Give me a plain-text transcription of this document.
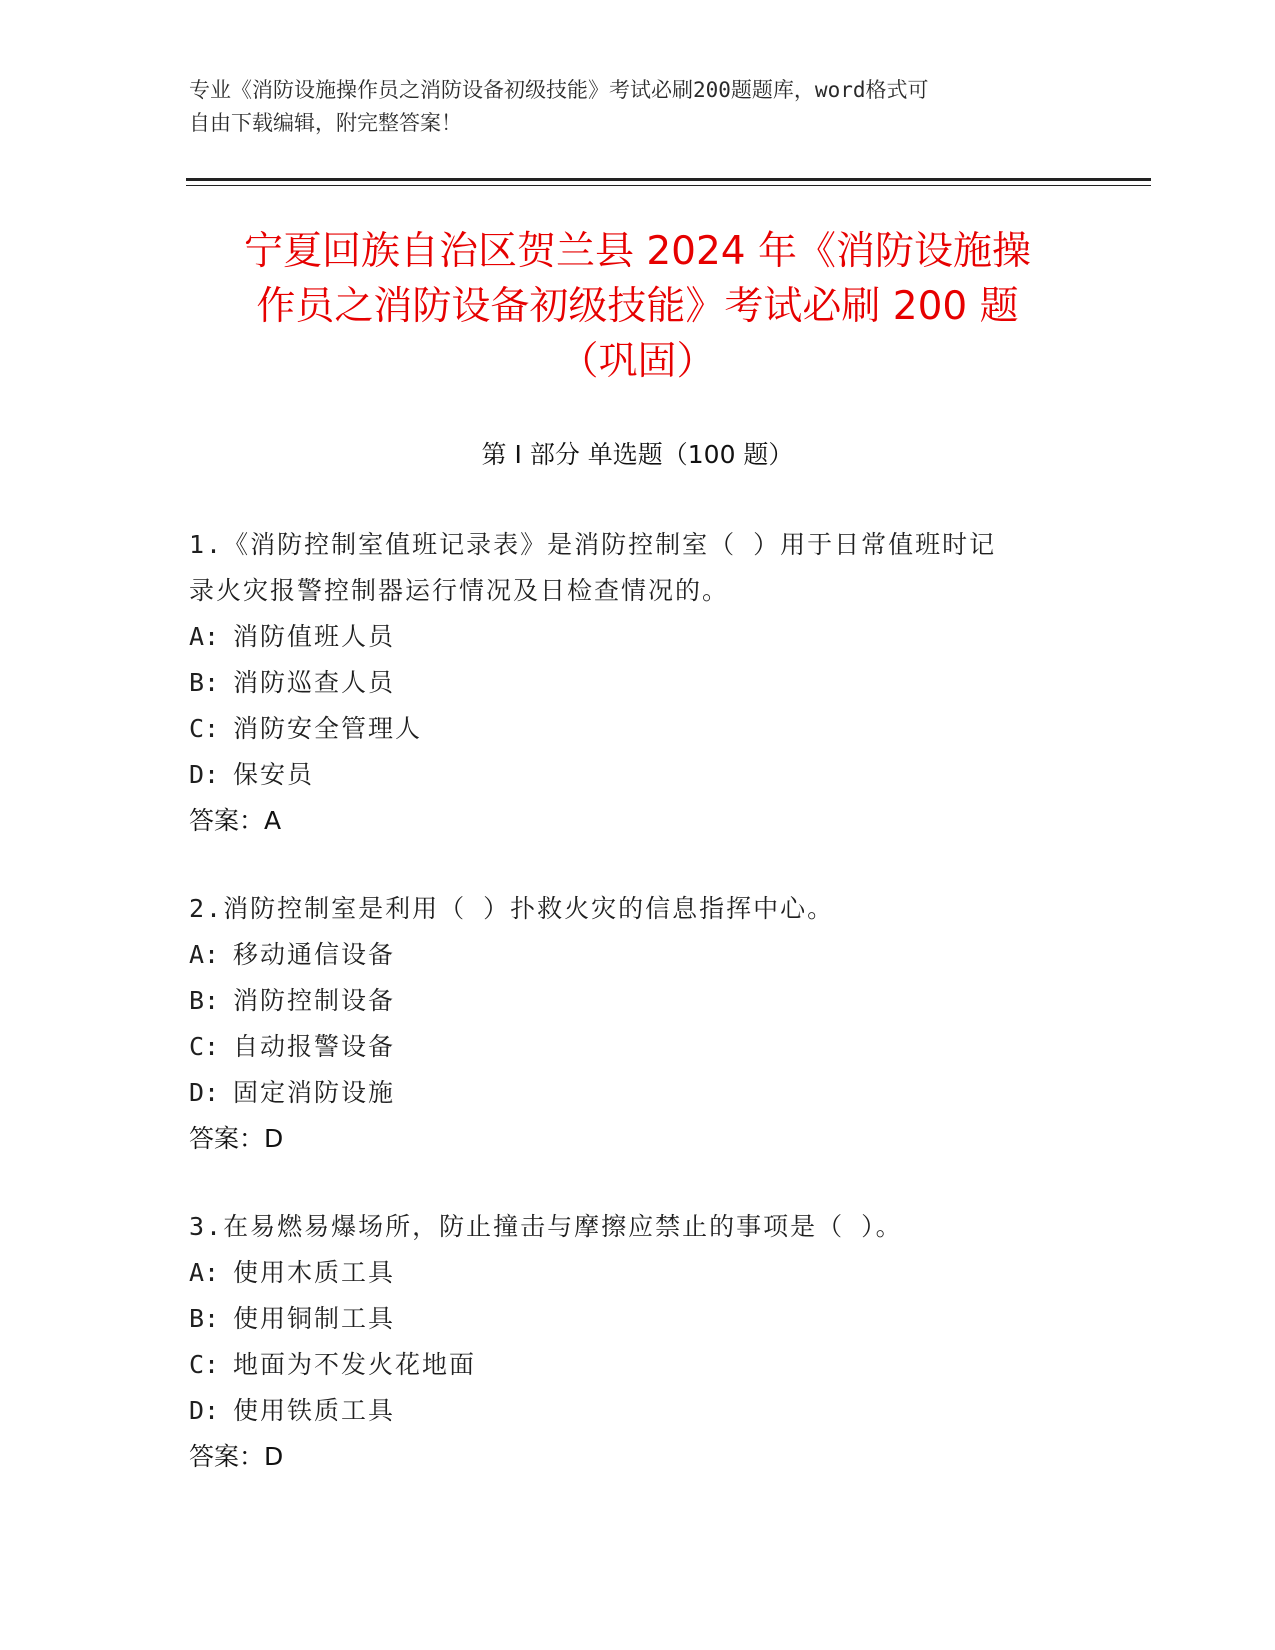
专业《消防设施操作员之消防设备初级技能》考试必刷200题题库，word格式可
自由下载编辑，附完整答案！
宁夏回族自治区贺兰县 2024 年《消防设施操
作员之消防设备初级技能》考试必刷 200 题
（巩固）
第 I 部分 单选题（100 题）
1.《消防控制室值班记录表》是消防控制室（ ）用于日常值班时记
录火灾报警控制器运行情况及日检查情况的。
A: 消防值班人员
B: 消防巡查人员
C: 消防安全管理人
D: 保安员
答案：A
2.消防控制室是利用（ ）扑救火灾的信息指挥中心。
A: 移动通信设备
B: 消防控制设备
C: 自动报警设备
D: 固定消防设施
答案：D
3.在易燃易爆场所，防止撞击与摩擦应禁止的事项是（ ）。
A: 使用木质工具
B: 使用铜制工具
C: 地面为不发火花地面
D: 使用铁质工具
答案：D
